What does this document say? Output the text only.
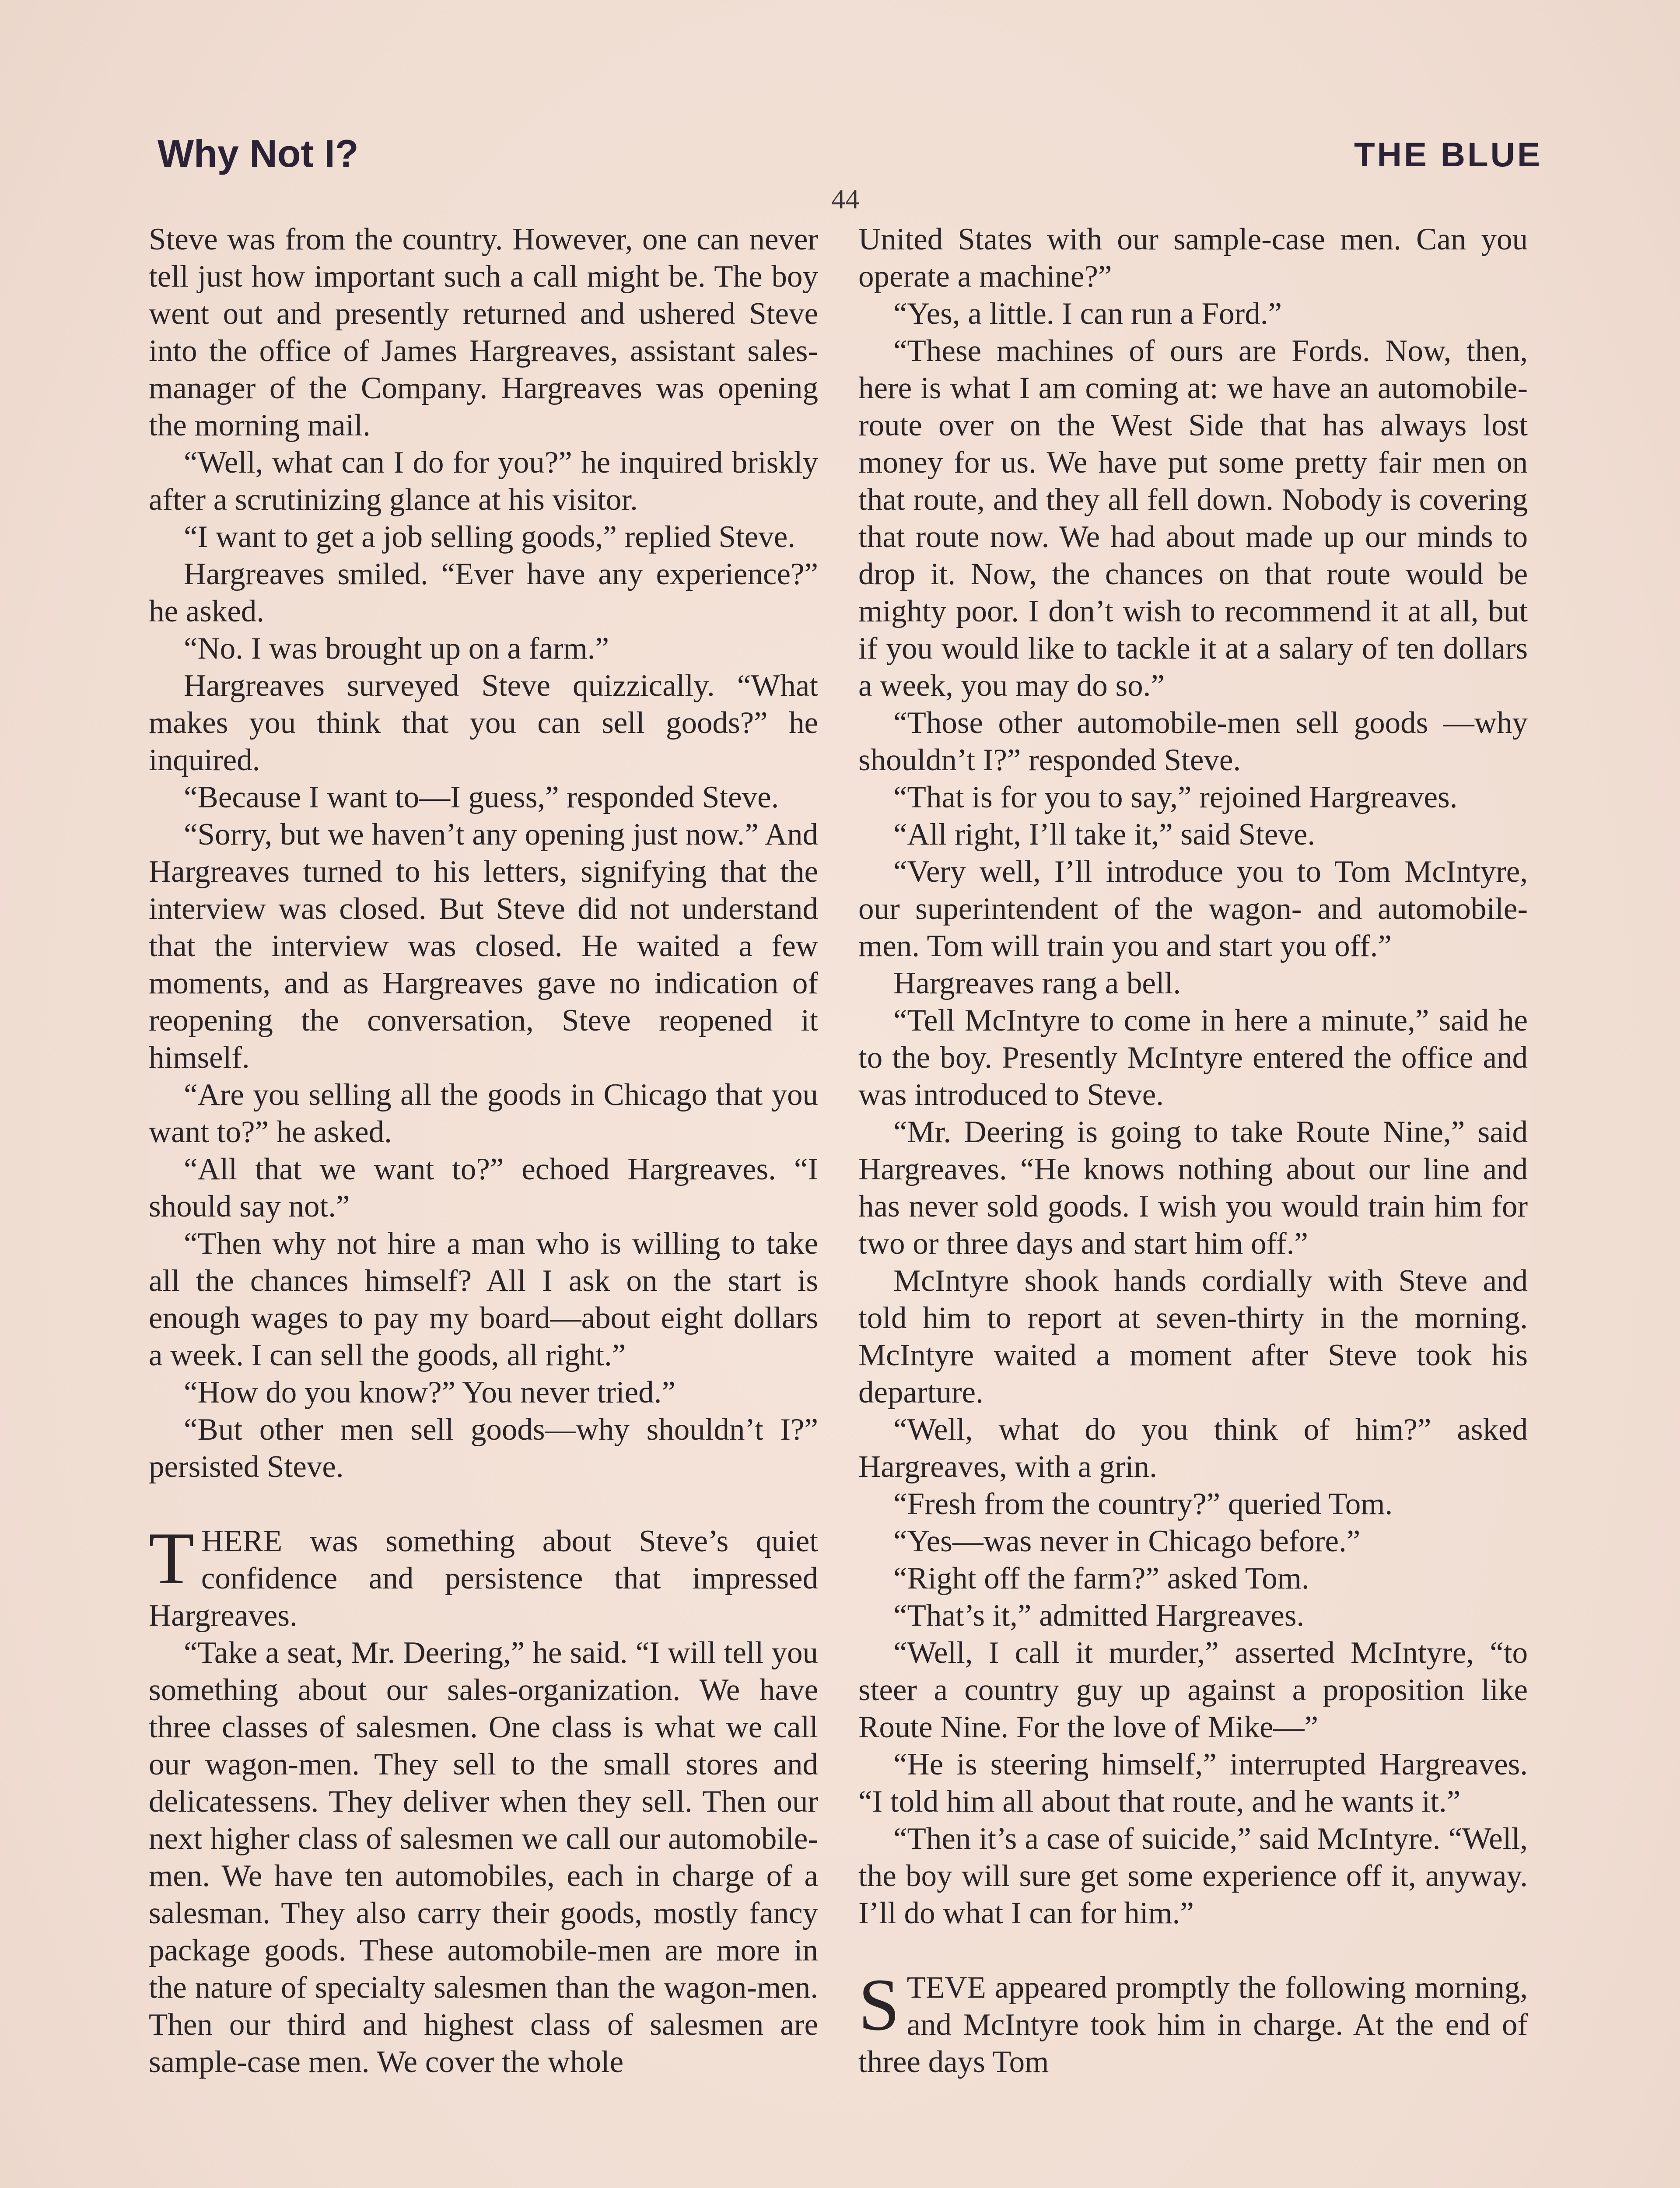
Why Not I?	THE BLUE
44

Steve was from the country. However, one can never tell just how important such a call might be. The boy went out and presently returned and ushered Steve into the office of James Hargreaves, assistant sales-manager of the Company. Hargreaves was opening the morning mail.

“Well, what can I do for you?” he inquired briskly after a scrutinizing glance at his visitor.

“I want to get a job selling goods,” replied Steve.

Hargreaves smiled. “Ever have any experience?” he asked.

“No. I was brought up on a farm.”

Hargreaves surveyed Steve quizzically. “What makes you think that you can sell goods?” he inquired.

“Because I want to—I guess,” responded Steve.

“Sorry, but we haven’t any opening just now.” And Hargreaves turned to his letters, signifying that the interview was closed. But Steve did not understand that the interview was closed. He waited a few moments, and as Hargreaves gave no indication of reopening the conversation, Steve reopened it himself.

“Are you selling all the goods in Chicago that you want to?” he asked.

“All that we want to?” echoed Hargreaves. “I should say not.”

“Then why not hire a man who is willing to take all the chances himself? All I ask on the start is enough wages to pay my board—about eight dollars a week. I can sell the goods, all right.”

“How do you know?” You never tried.”

“But other men sell goods—why shouldn’t I?” persisted Steve.

THERE was something about Steve’s quiet confidence and persistence that impressed Hargreaves.

“Take a seat, Mr. Deering,” he said. “I will tell you something about our sales-organization. We have three classes of salesmen. One class is what we call our wagon-men. They sell to the small stores and delicatessens. They deliver when they sell. Then our next higher class of salesmen we call our automobile-men. We have ten automobiles, each in charge of a salesman. They also carry their goods, mostly fancy package goods. These automobile-men are more in the nature of specialty salesmen than the wagon-men. Then our third and highest class of salesmen are sample-case men. We cover the whole

United States with our sample-case men. Can you operate a machine?”

“Yes, a little. I can run a Ford.”

“These machines of ours are Fords. Now, then, here is what I am coming at: we have an automobile-route over on the West Side that has always lost money for us. We have put some pretty fair men on that route, and they all fell down. Nobody is covering that route now. We had about made up our minds to drop it. Now, the chances on that route would be mighty poor. I don’t wish to recommend it at all, but if you would like to tackle it at a salary of ten dollars a week, you may do so.”

“Those other automobile-men sell goods —why shouldn’t I?” responded Steve.

“That is for you to say,” rejoined Hargreaves.

“All right, I’ll take it,” said Steve.

“Very well, I’ll introduce you to Tom McIntyre, our superintendent of the wagon- and automobile-men. Tom will train you and start you off.”

Hargreaves rang a bell.

“Tell McIntyre to come in here a minute,” said he to the boy. Presently McIntyre entered the office and was introduced to Steve.

“Mr. Deering is going to take Route Nine,” said Hargreaves. “He knows nothing about our line and has never sold goods. I wish you would train him for two or three days and start him off.”

McIntyre shook hands cordially with Steve and told him to report at seven-thirty in the morning. McIntyre waited a moment after Steve took his departure.

“Well, what do you think of him?” asked Hargreaves, with a grin.

“Fresh from the country?” queried Tom.

“Yes—was never in Chicago before.”

“Right off the farm?” asked Tom.

“That’s it,” admitted Hargreaves.

“Well, I call it murder,” asserted McIntyre, “to steer a country guy up against a proposition like Route Nine. For the love of Mike—”

“He is steering himself,” interrupted Hargreaves. “I told him all about that route, and he wants it.”

“Then it’s a case of suicide,” said McIntyre. “Well, the boy will sure get some experience off it, anyway. I’ll do what I can for him.”

STEVE appeared promptly the following morning, and McIntyre took him in charge. At the end of three days Tom
